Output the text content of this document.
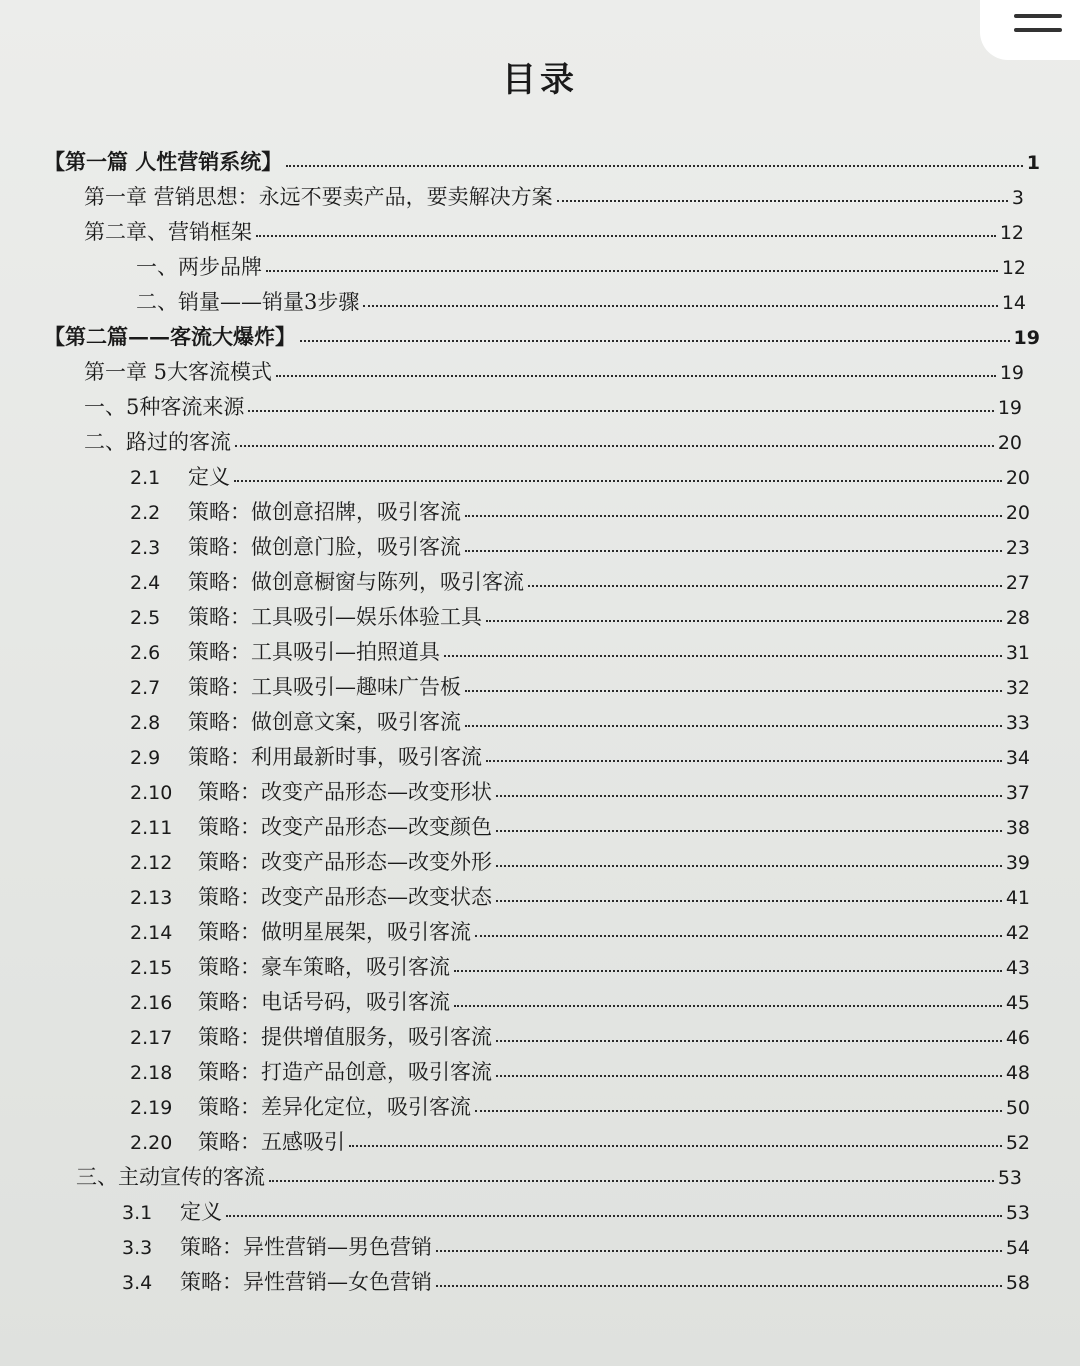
目录
【第一篇 人性营销系统】	1
第一章 营销思想：永远不要卖产品，要卖解决方案	3
第二章、营销框架	12
一、两步品牌	12
二、销量——销量3步骤	14
【第二篇——客流大爆炸】	19
第一章 5大客流模式	19
一、5种客流来源	19
二、路过的客流	20
2.1	定义	20
2.2	策略：做创意招牌，吸引客流	20
2.3	策略：做创意门脸，吸引客流	23
2.4	策略：做创意橱窗与陈列，吸引客流	27
2.5	策略：工具吸引—娱乐体验工具	28
2.6	策略：工具吸引—拍照道具	31
2.7	策略：工具吸引—趣味广告板	32
2.8	策略：做创意文案，吸引客流	33
2.9	策略：利用最新时事，吸引客流	34
2.10	策略：改变产品形态—改变形状	37
2.11	策略：改变产品形态—改变颜色	38
2.12	策略：改变产品形态—改变外形	39
2.13	策略：改变产品形态—改变状态	41
2.14	策略：做明星展架，吸引客流	42
2.15	策略：豪车策略，吸引客流	43
2.16	策略：电话号码，吸引客流	45
2.17	策略：提供增值服务，吸引客流	46
2.18	策略：打造产品创意，吸引客流	48
2.19	策略：差异化定位，吸引客流	50
2.20	策略：五感吸引	52
三、主动宣传的客流	53
3.1	定义	53
3.3	策略：异性营销—男色营销	54
3.4	策略：异性营销—女色营销	58
